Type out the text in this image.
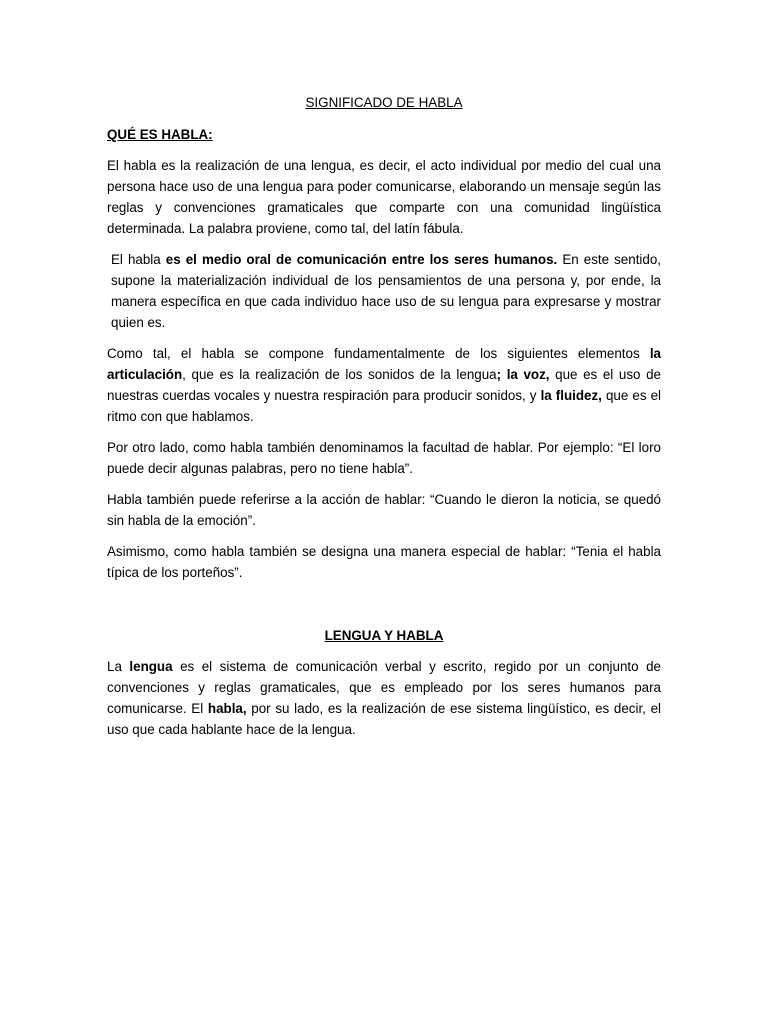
SIGNIFICADO DE HABLA
QUÉ ES HABLA:

El habla es la realización de una lengua, es decir, el acto individual por medio del cual una persona hace uso de una lengua para poder comunicarse, elaborando un mensaje según las reglas y convenciones gramaticales que comparte con una comunidad lingüística determinada. La palabra proviene, como tal, del latín fábula.

El habla es el medio oral de comunicación entre los seres humanos. En este sentido, supone la materialización individual de los pensamientos de una persona y, por ende, la manera específica en que cada individuo hace uso de su lengua para expresarse y mostrar quien es.

Como tal, el habla se compone fundamentalmente de los siguientes elementos la articulación, que es la realización de los sonidos de la lengua; la voz, que es el uso de nuestras cuerdas vocales y nuestra respiración para producir sonidos, y la fluidez, que es el ritmo con que hablamos.

Por otro lado, como habla también denominamos la facultad de hablar. Por ejemplo: “El loro puede decir algunas palabras, pero no tiene habla”.

Habla también puede referirse a la acción de hablar: “Cuando le dieron la noticia, se quedó sin habla de la emoción”.

Asimismo, como habla también se designa una manera especial de hablar: “Tenia el habla típica de los porteños”.

LENGUA Y HABLA

La lengua es el sistema de comunicación verbal y escrito, regido por un conjunto de convenciones y reglas gramaticales, que es empleado por los seres humanos para comunicarse. El habla, por su lado, es la realización de ese sistema lingüístico, es decir, el uso que cada hablante hace de la lengua.
